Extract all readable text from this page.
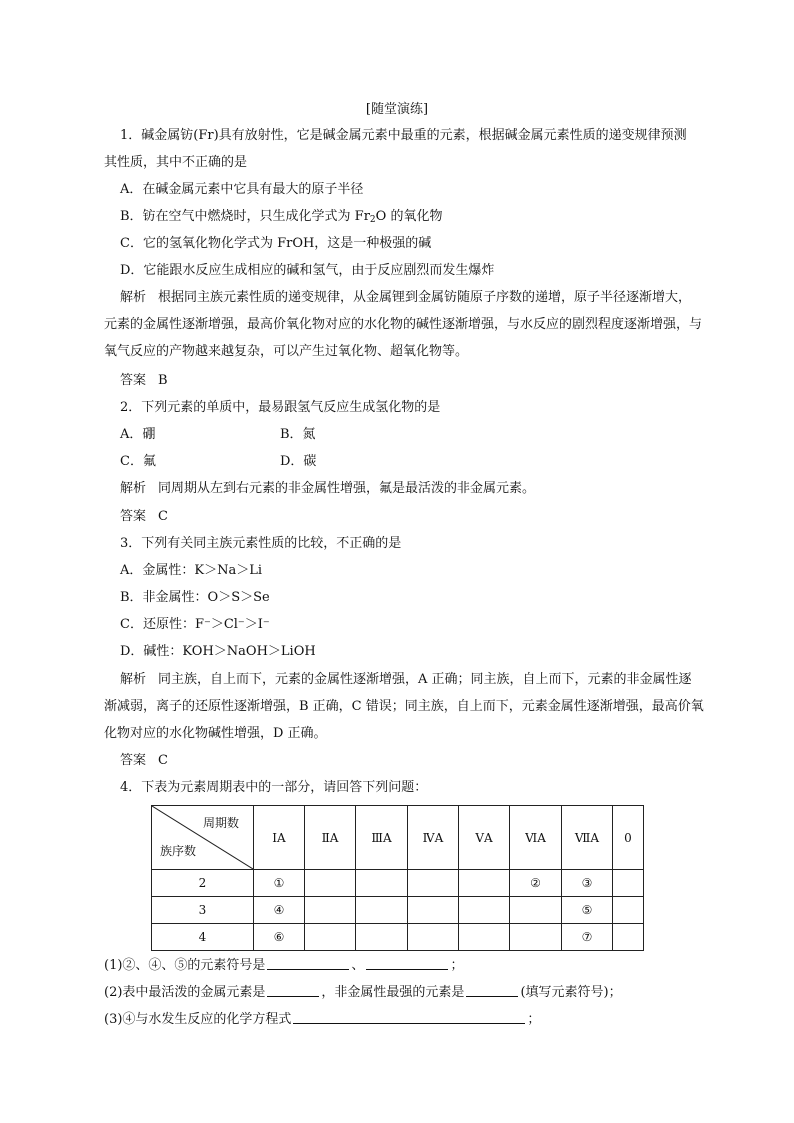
[随堂演练]
1．碱金属钫(Fr)具有放射性，它是碱金属元素中最重的元素，根据碱金属元素性质的递变规律预测
其性质，其中不正确的是
A．在碱金属元素中它具有最大的原子半径
B．钫在空气中燃烧时，只生成化学式为 $Fr_2O$ 的氧化物
C．它的氢氧化物化学式为 FrOH，这是一种极强的碱
D．它能跟水反应生成相应的碱和氢气，由于反应剧烈而发生爆炸
解析 根据同主族元素性质的递变规律，从金属锂到金属钫随原子序数的递增，原子半径逐渐增大，
元素的金属性逐渐增强，最高价氧化物对应的水化物的碱性逐渐增强，与水反应的剧烈程度逐渐增强，与
氧气反应的产物越来越复杂，可以产生过氧化物、超氧化物等。
答案 B
2．下列元素的单质中，最易跟氢气反应生成氢化物的是
A．硼	B．氮
C．氟	D．碳
解析 同周期从左到右元素的非金属性增强，氟是最活泼的非金属元素。
答案 C
3．下列有关同主族元素性质的比较，不正确的是
A．金属性：K＞Na＞Li
B．非金属性：O＞S＞Se
C．还原性：F⁻＞Cl⁻＞I⁻
D．碱性：KOH＞NaOH＞LiOH
解析 同主族，自上而下，元素的金属性逐渐增强，A 正确；同主族，自上而下，元素的非金属性逐
渐减弱，离子的还原性逐渐增强，B 正确，C 错误；同主族，自上而下，元素金属性逐渐增强，最高价氧
化物对应的水化物碱性增强，D 正确。
答案 C
4．下表为元素周期表中的一部分，请回答下列问题：
周期数
族序数	ⅠA	ⅡA	ⅢA	ⅣA	ⅤA	ⅥA	ⅦA	0
2	①					②	③	
3	④						⑤	
4	⑥						⑦	
(1)②、④、⑤的元素符号是	、	；
(2)表中最活泼的金属元素是	，非金属性最强的元素是	(填写元素符号)；
(3)④与水发生反应的化学方程式	；
